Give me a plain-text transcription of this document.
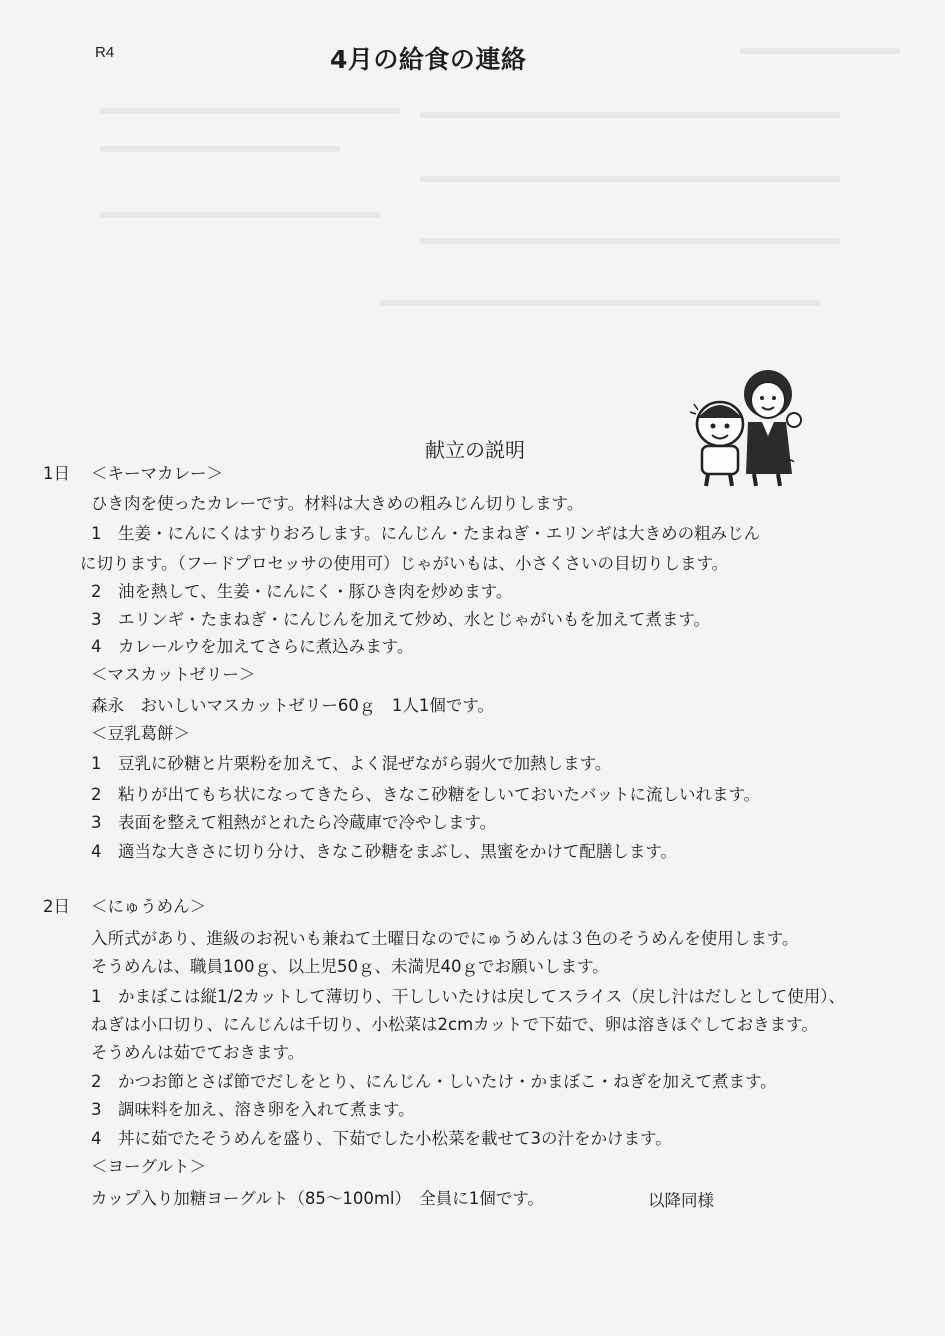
R4	4月の給食の連絡
献立の説明
1日 ＜キーマカレー＞
ひき肉を使ったカレーです。材料は大きめの粗みじん切りします。
1　生姜・にんにくはすりおろします。にんじん・たまねぎ・エリンギは大きめの粗みじん
に切ります。（フードプロセッサの使用可）じゃがいもは、小さくさいの目切りします。
2　油を熱して、生姜・にんにく・豚ひき肉を炒めます。
3　エリンギ・たまねぎ・にんじんを加えて炒め、水とじゃがいもを加えて煮ます。
4　カレールウを加えてさらに煮込みます。
＜マスカットゼリー＞
森永　おいしいマスカットゼリー60ｇ　1人1個です。
＜豆乳葛餅＞
1　豆乳に砂糖と片栗粉を加えて、よく混ぜながら弱火で加熱します。
2　粘りが出てもち状になってきたら、きなこ砂糖をしいておいたバットに流しいれます。
3　表面を整えて粗熱がとれたら冷蔵庫で冷やします。
4　適当な大きさに切り分け、きなこ砂糖をまぶし、黒蜜をかけて配膳します。
2日 ＜にゅうめん＞
入所式があり、進級のお祝いも兼ねて土曜日なのでにゅうめんは３色のそうめんを使用します。
そうめんは、職員100ｇ、以上児50ｇ、未満児40ｇでお願いします。
1　かまぼこは縦1/2カットして薄切り、干ししいたけは戻してスライス（戻し汁はだしとして使用）、
ねぎは小口切り、にんじんは千切り、小松菜は2cmカットで下茹で、卵は溶きほぐしておきます。
そうめんは茹でておきます。
2　かつお節とさば節でだしをとり、にんじん・しいたけ・かまぼこ・ねぎを加えて煮ます。
3　調味料を加え、溶き卵を入れて煮ます。
4　丼に茹でたそうめんを盛り、下茹でした小松菜を載せて3の汁をかけます。
＜ヨーグルト＞
カップ入り加糖ヨーグルト（85～100ml）　全員に1個です。	以降同様
